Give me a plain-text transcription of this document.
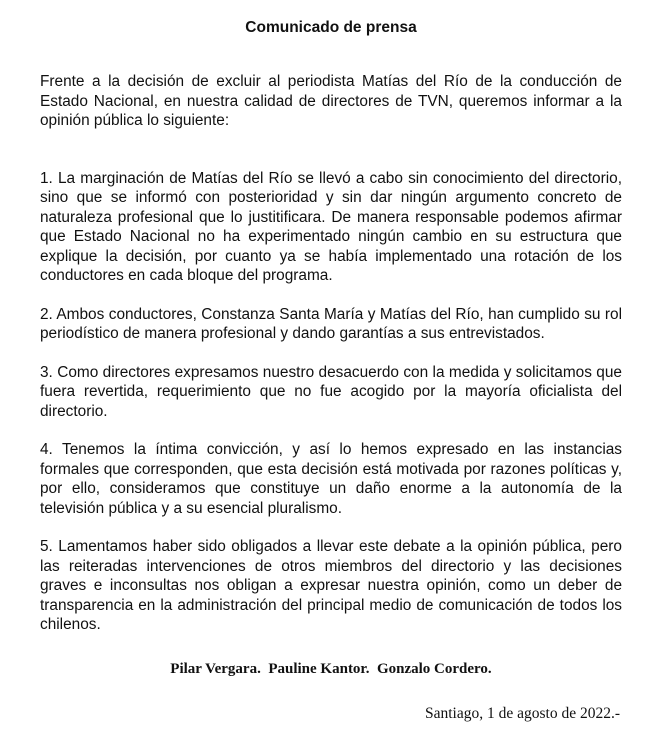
Comunicado de prensa

Frente a la decisión de excluir al periodista Matías del Río de la conducción de Estado Nacional, en nuestra calidad de directores de TVN, queremos informar a la opinión pública lo siguiente:

1. La marginación de Matías del Río se llevó a cabo sin conocimiento del directorio, sino que se informó con posterioridad y sin dar ningún argumento concreto de naturaleza profesional que lo justitificara. De manera responsable podemos afirmar que Estado Nacional no ha experimentado ningún cambio en su estructura que explique la decisión, por cuanto ya se había implementado una rotación de los conductores en cada bloque del programa.

2. Ambos conductores, Constanza Santa María y Matías del Río, han cumplido su rol periodístico de manera profesional y dando garantías a sus entrevistados.

3. Como directores expresamos nuestro desacuerdo con la medida y solicitamos que fuera revertida, requerimiento que no fue acogido por la mayoría oficialista del directorio.

4. Tenemos la íntima convicción, y así lo hemos expresado en las instancias formales que corresponden, que esta decisión está motivada por razones políticas y, por ello, consideramos que constituye un daño enorme a la autonomía de la televisión pública y a su esencial pluralismo.

5. Lamentamos haber sido obligados a llevar este debate a la opinión pública, pero las reiteradas intervenciones de otros miembros del directorio y las decisiones graves e inconsultas nos obligan a expresar nuestra opinión, como un deber de transparencia en la administración del principal medio de comunicación de todos los chilenos.

Pilar Vergara.  Pauline Kantor.  Gonzalo Cordero.
Santiago, 1 de agosto de 2022.-
